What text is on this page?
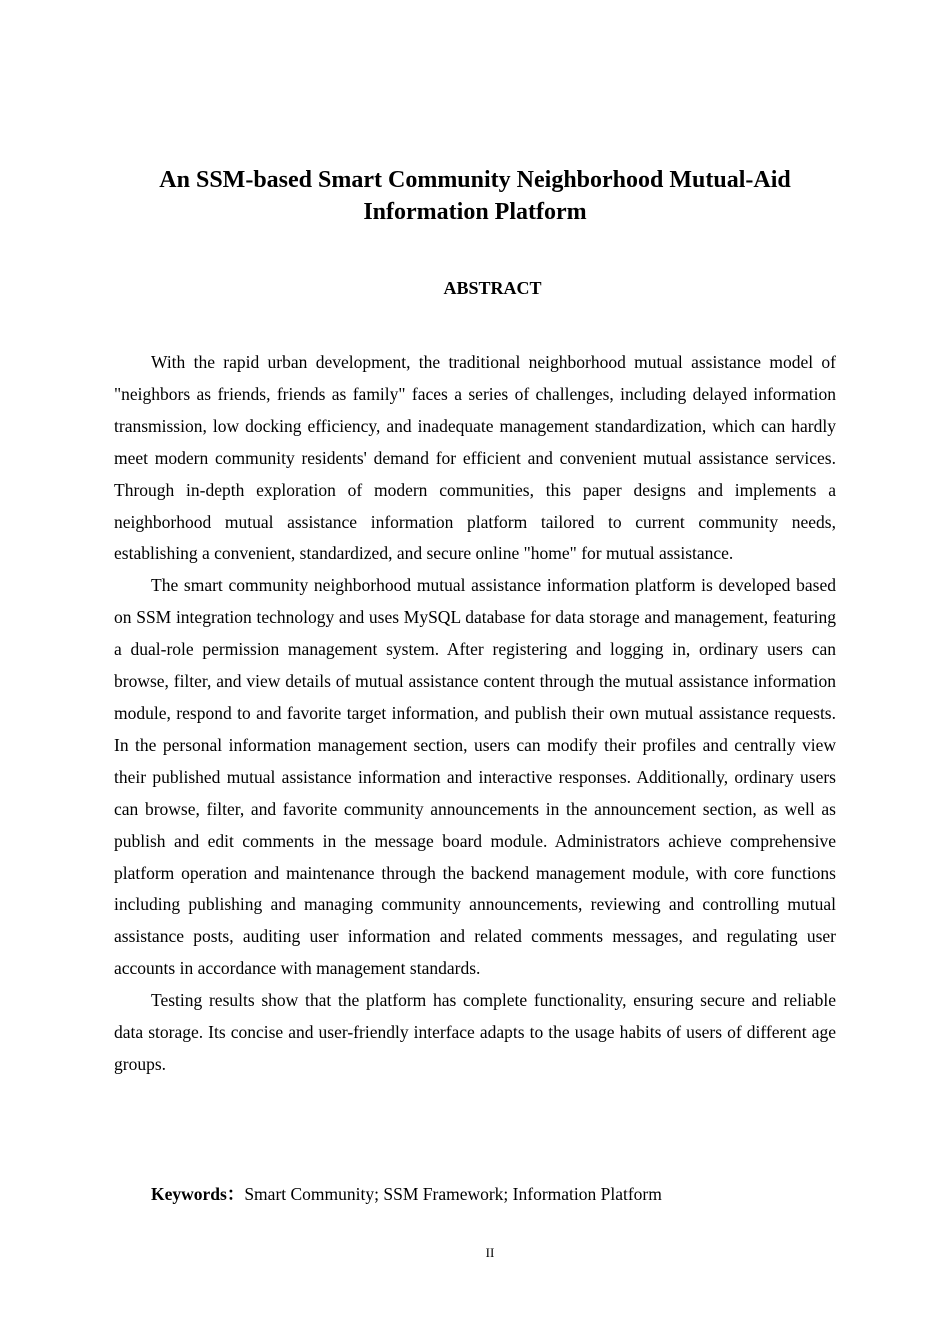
An SSM-based Smart Community Neighborhood Mutual-Aid Information Platform
ABSTRACT

With the rapid urban development, the traditional neighborhood mutual assistance model of "neighbors as friends, friends as family" faces a series of challenges, including delayed information transmission, low docking efficiency, and inadequate management standardization, which can hardly meet modern community residents' demand for efficient and convenient mutual assistance services. Through in-depth exploration of modern communities, this paper designs and implements a neighborhood mutual assistance information platform tailored to current community needs, establishing a convenient, standardized, and secure online "home" for mutual assistance.

The smart community neighborhood mutual assistance information platform is developed based on SSM integration technology and uses MySQL database for data storage and management, featuring a dual-role permission management system. After registering and logging in, ordinary users can browse, filter, and view details of mutual assistance content through the mutual assistance information module, respond to and favorite target information, and publish their own mutual assistance requests. In the personal information management section, users can modify their profiles and centrally view their published mutual assistance information and interactive responses. Additionally, ordinary users can browse, filter, and favorite community announcements in the announcement section, as well as publish and edit comments in the message board module. Administrators achieve comprehensive platform operation and maintenance through the backend management module, with core functions including publishing and managing community announcements, reviewing and controlling mutual assistance posts, auditing user information and related comments messages, and regulating user accounts in accordance with management standards.

Testing results show that the platform has complete functionality, ensuring secure and reliable data storage. Its concise and user-friendly interface adapts to the usage habits of users of different age groups.

Keywords：Smart Community; SSM Framework; Information Platform
II
